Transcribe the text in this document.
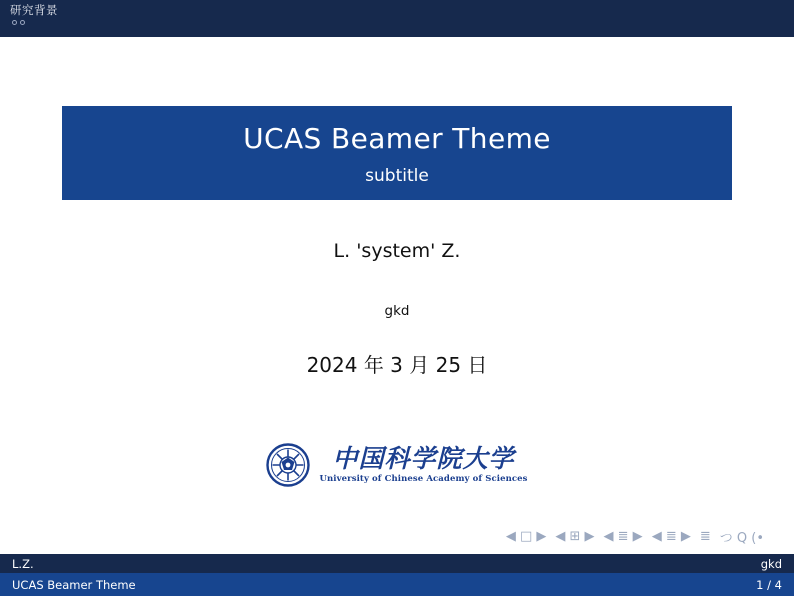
研究背景
UCAS Beamer Theme
subtitle
L. 'system' Z.
gkd
2024 年 3 月 25 日
中国科学院大学
University of Chinese Academy of Sciences
◀ □ ▶ ◀ ⊞ ▶ ◀ ≣ ▶ ◀ ≣ ▶ ≣ つ Q (•
L.Z.	gkd
UCAS Beamer Theme	1 / 4
